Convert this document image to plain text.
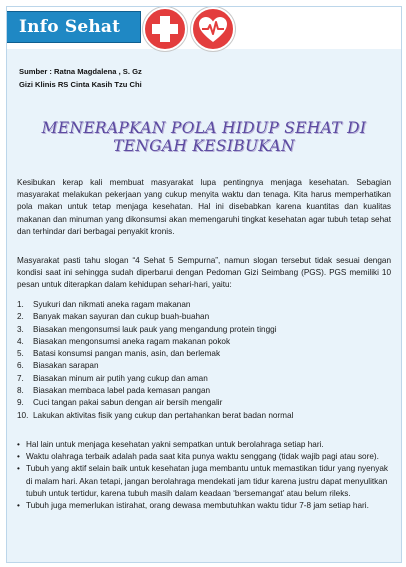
Info Sehat
Sumber : Ratna Magdalena , S. Gz
Gizi Klinis RS Cinta Kasih Tzu Chi
MENERAPKAN POLA HIDUP SEHAT DI
TENGAH KESIBUKAN
Kesibukan kerap kali membuat masyarakat lupa pentingnya menjaga kesehatan. Sebagian masyarakat melakukan pekerjaan yang cukup menyita waktu dan tenaga. Kita harus memperhatikan pola makan untuk tetap menjaga kesehatan. Hal ini disebabkan karena kuantitas dan kualitas makanan dan minuman yang dikonsumsi akan memengaruhi tingkat kesehatan agar tubuh tetap sehat dan terhindar dari berbagai penyakit kronis.
Masyarakat pasti tahu slogan “4 Sehat 5 Sempurna”, namun slogan tersebut tidak sesuai dengan kondisi saat ini sehingga sudah diperbarui dengan Pedoman Gizi Seimbang (PGS). PGS memiliki 10 pesan untuk diterapkan dalam kehidupan sehari-hari, yaitu:
1. Syukuri dan nikmati aneka ragam makanan
2. Banyak makan sayuran dan cukup buah-buahan
3. Biasakan mengonsumsi lauk pauk yang mengandung protein tinggi
4. Biasakan mengonsumsi aneka ragam makanan pokok
5. Batasi konsumsi pangan manis, asin, dan berlemak
6. Biasakan sarapan
7. Biasakan minum air putih yang cukup dan aman
8. Biasakan membaca label pada kemasan pangan
9. Cuci tangan pakai sabun dengan air bersih mengalir
10. Lakukan aktivitas fisik yang cukup dan pertahankan berat badan normal
• Hal lain untuk menjaga kesehatan yakni sempatkan untuk berolahraga setiap hari.
• Waktu olahraga terbaik adalah pada saat kita punya waktu senggang (tidak wajib pagi atau sore).
• Tubuh yang aktif selain baik untuk kesehatan juga membantu untuk memastikan tidur yang nyenyak di malam hari. Akan tetapi, jangan berolahraga mendekati jam tidur karena justru dapat menyulitkan tubuh untuk tertidur, karena tubuh masih dalam keadaan ‘bersemangat’ atau belum rileks.
• Tubuh juga memerlukan istirahat, orang dewasa membutuhkan waktu tidur 7-8 jam setiap hari.
